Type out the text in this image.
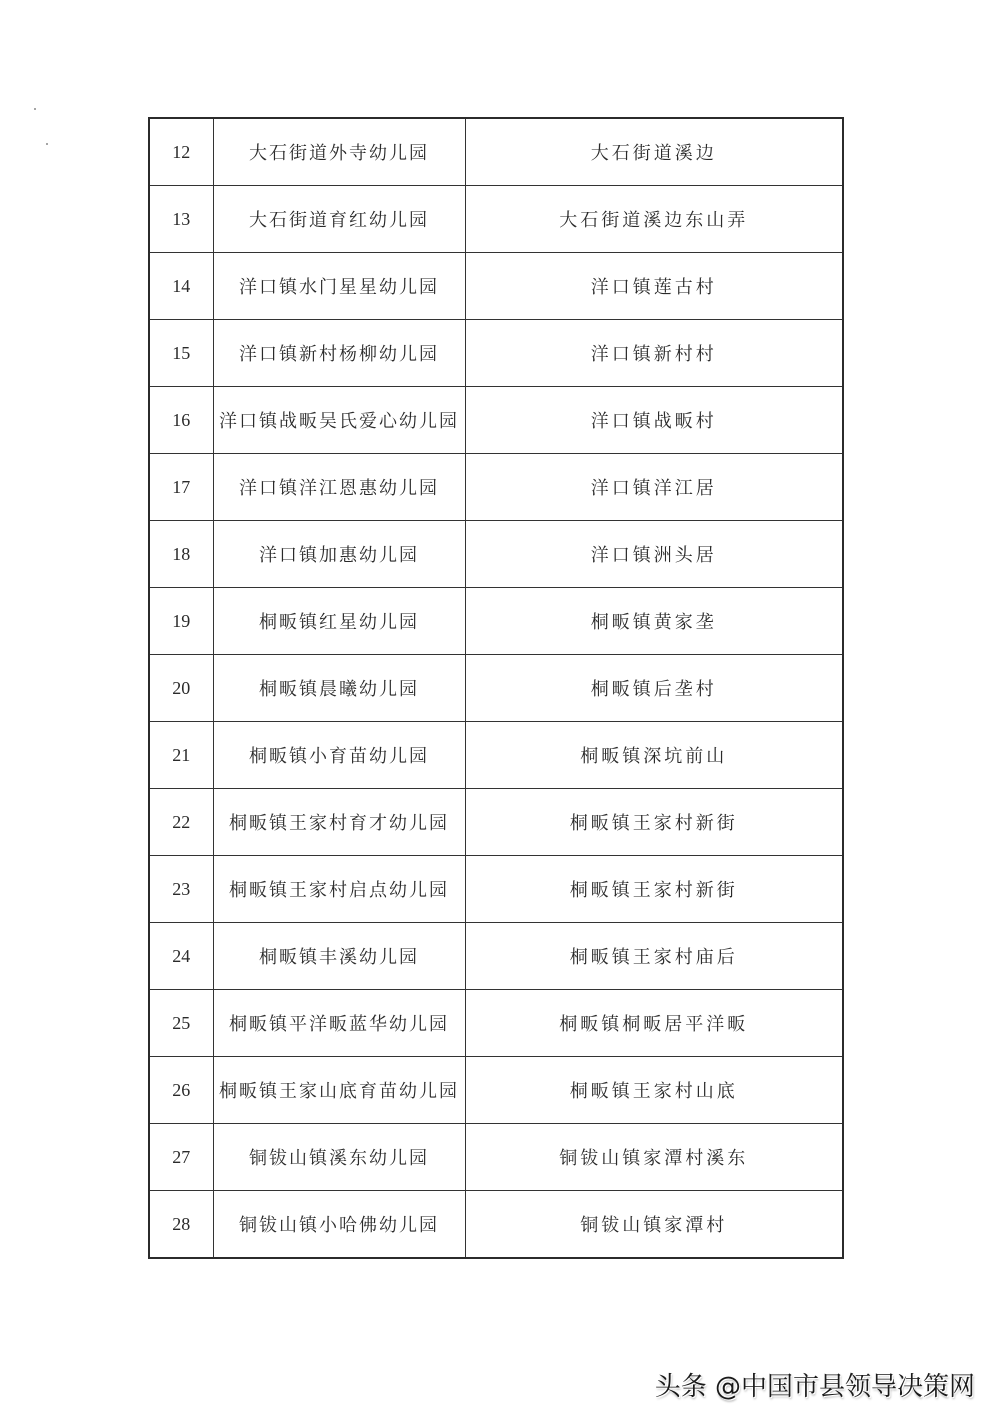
12	大石街道外寺幼儿园	大石街道溪边
13	大石街道育红幼儿园	大石街道溪边东山弄
14	洋口镇水门星星幼儿园	洋口镇莲古村
15	洋口镇新村杨柳幼儿园	洋口镇新村村
16	洋口镇战畈吴氏爱心幼儿园	洋口镇战畈村
17	洋口镇洋江恩惠幼儿园	洋口镇洋江居
18	洋口镇加惠幼儿园	洋口镇洲头居
19	桐畈镇红星幼儿园	桐畈镇黄家垄
20	桐畈镇晨曦幼儿园	桐畈镇后垄村
21	桐畈镇小育苗幼儿园	桐畈镇深坑前山
22	桐畈镇王家村育才幼儿园	桐畈镇王家村新街
23	桐畈镇王家村启点幼儿园	桐畈镇王家村新街
24	桐畈镇丰溪幼儿园	桐畈镇王家村庙后
25	桐畈镇平洋畈蓝华幼儿园	桐畈镇桐畈居平洋畈
26	桐畈镇王家山底育苗幼儿园	桐畈镇王家村山底
27	铜钹山镇溪东幼儿园	铜钹山镇家潭村溪东
28	铜钹山镇小哈佛幼儿园	铜钹山镇家潭村
头条 @中国市县领导决策网
